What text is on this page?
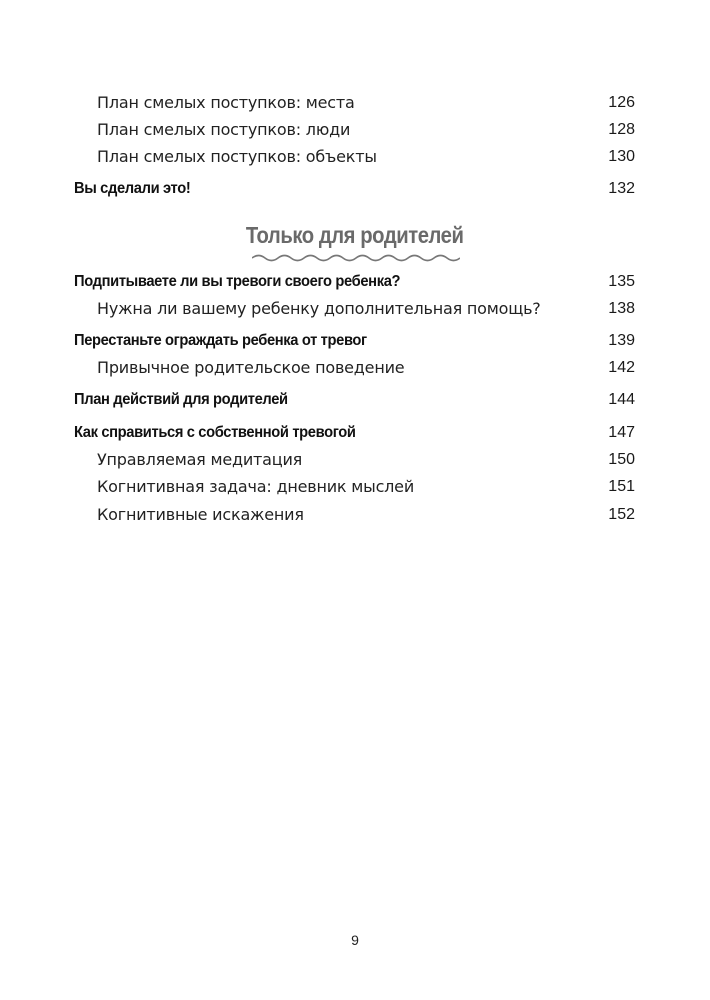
План смелых поступков: места	126
План смелых поступков: люди	128
План смелых поступков: объекты	130
Вы сделали это!	132
Только для родителей
Подпитываете ли вы тревоги своего ребенка?	135
Нужна ли вашему ребенку дополнительная помощь?	138
Перестаньте ограждать ребенка от тревог	139
Привычное родительское поведение	142
План действий для родителей	144
Как справиться с собственной тревогой	147
Управляемая медитация	150
Когнитивная задача: дневник мыслей	151
Когнитивные искажения	152
9
